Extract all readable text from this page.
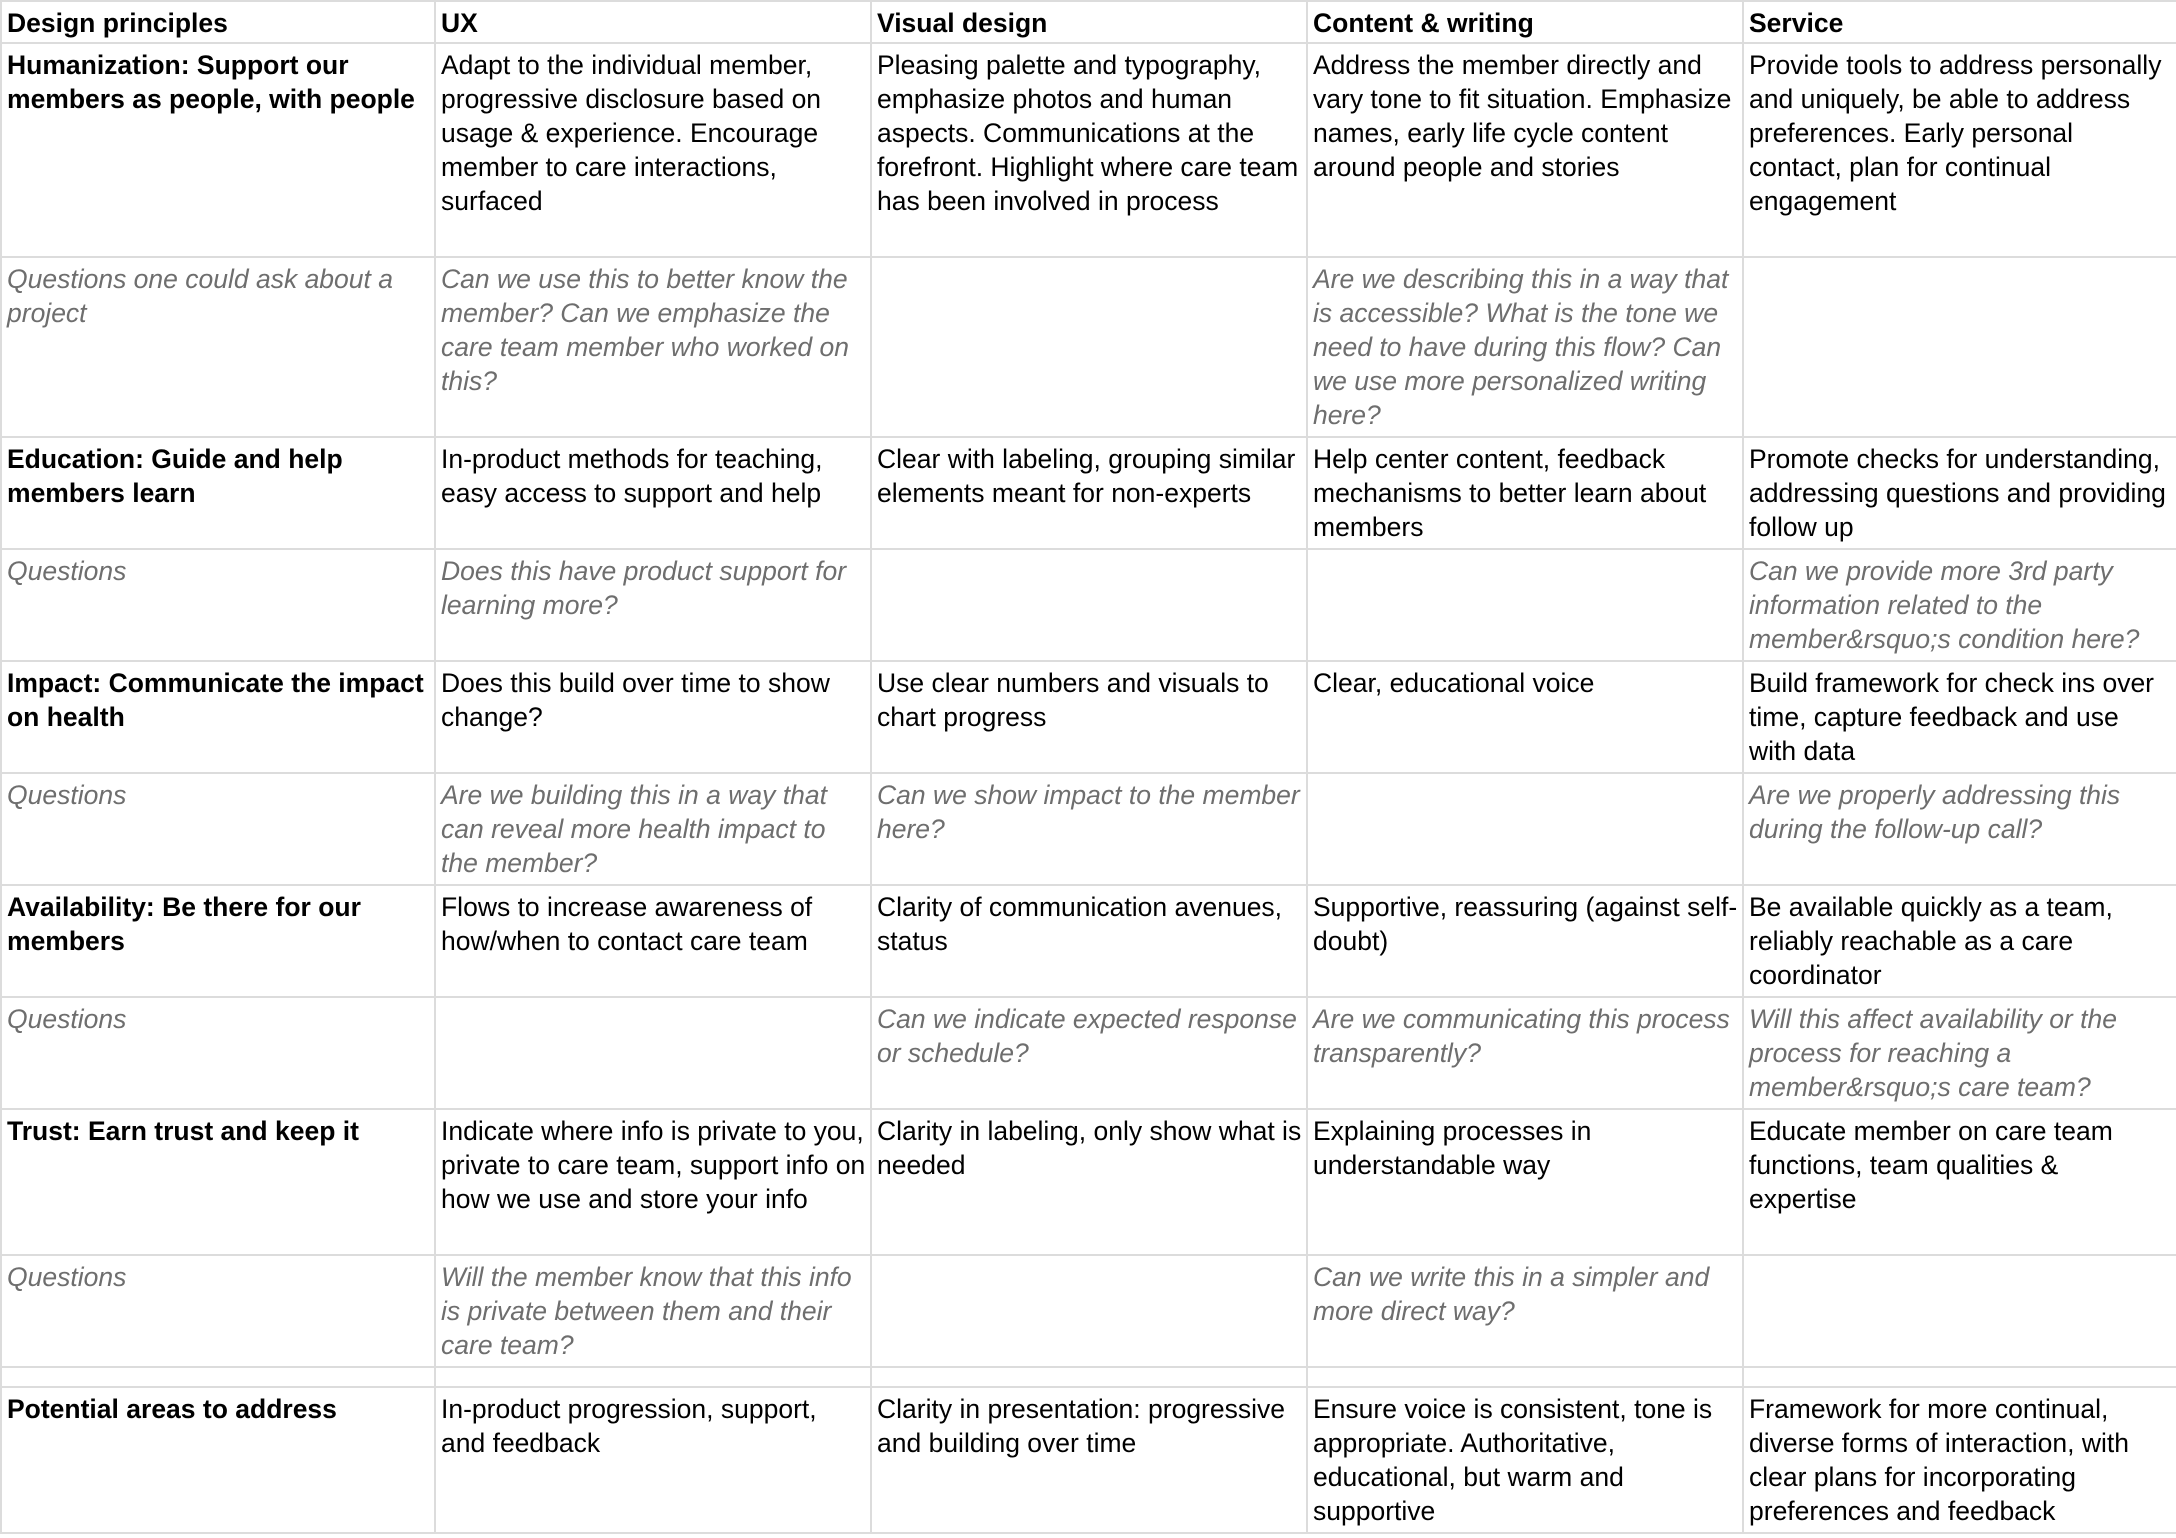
Design principles	UX	Visual design	Content & writing	Service
Humanization: Support our members as people, with people	Adapt to the individual member, progressive disclosure based on usage & experience. Encourage member to care interactions, surfaced	Pleasing palette and typography, emphasize photos and human aspects. Communications at the forefront. Highlight where care team has been involved in process	Address the member directly and vary tone to fit situation. Emphasize names, early life cycle content around people and stories	Provide tools to address personally and uniquely, be able to address preferences. Early personal contact, plan for continual engagement
Questions one could ask about a project	Can we use this to better know the member? Can we emphasize the care team member who worked on this?		Are we describing this in a way that is accessible? What is the tone we need to have during this flow? Can we use more personalized writing here?	
Education: Guide and help members learn	In-product methods for teaching, easy access to support and help	Clear with labeling, grouping similar elements meant for non-experts	Help center content, feedback mechanisms to better learn about members	Promote checks for understanding, addressing questions and providing follow up
Questions	Does this have product support for learning more?			Can we provide more 3rd party information related to the member&rsquo;s condition here?
Impact: Communicate the impact on health	Does this build over time to show change?	Use clear numbers and visuals to chart progress	Clear, educational voice	Build framework for check ins over time, capture feedback and use with data
Questions	Are we building this in a way that can reveal more health impact to the member?	Can we show impact to the member here?		Are we properly addressing this during the follow-up call?
Availability: Be there for our members	Flows to increase awareness of how/when to contact care team	Clarity of communication avenues, status	Supportive, reassuring (against self-doubt)	Be available quickly as a team, reliably reachable as a care coordinator
Questions		Can we indicate expected response or schedule?	Are we communicating this process transparently?	Will this affect availability or the process for reaching a member&rsquo;s care team?
Trust: Earn trust and keep it	Indicate where info is private to you, private to care team, support info on how we use and store your info	Clarity in labeling, only show what is needed	Explaining processes in understandable way	Educate member on care team functions, team qualities & expertise
Questions	Will the member know that this info is private between them and their care team?		Can we write this in a simpler and more direct way?	

Potential areas to address	In-product progression, support, and feedback	Clarity in presentation: progressive and building over time	Ensure voice is consistent, tone is appropriate. Authoritative, educational, but warm and supportive	Framework for more continual, diverse forms of interaction, with clear plans for incorporating preferences and feedback
